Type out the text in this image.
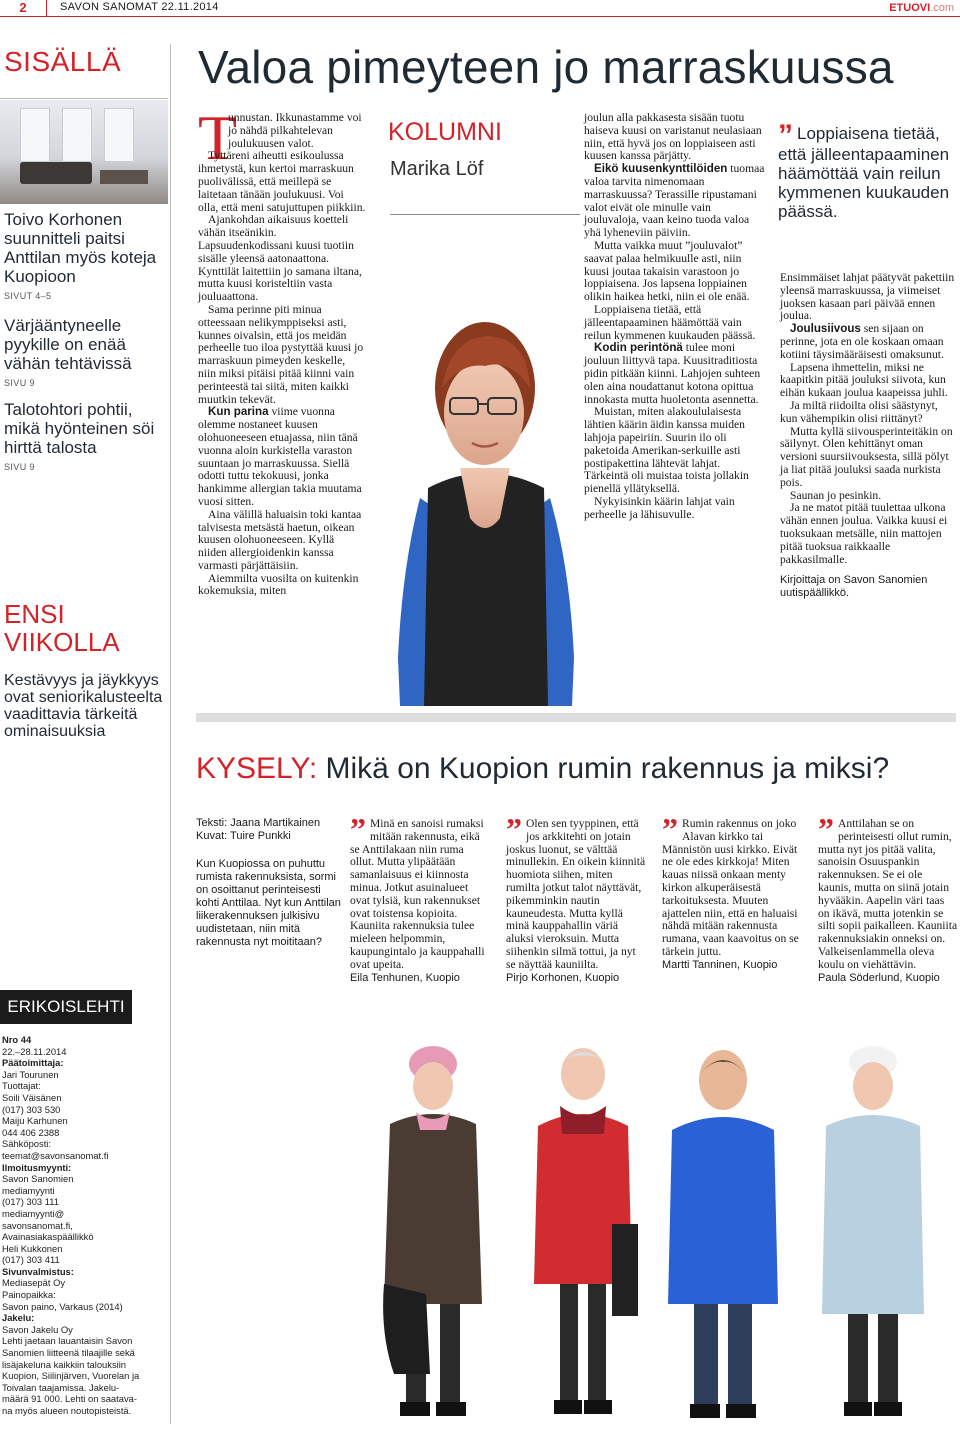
2	SAVON SANOMAT 22.11.2014	ETUOVI.com
SISÄLLÄ
Toivo Korhonen suunnitteli paitsi Anttilan myös koteja Kuopioon
SIVUT 4–5
Värjääntyneelle pyykille on enää vähän tehtävissä
SIVU 9
Talotohtori pohtii, mikä hyönteinen söi hirttä talosta
SIVU 9
ENSI
VIIKOLLA
Kestävyys ja jäykkyys ovat seniorikalusteelta vaadittavia tärkeitä ominaisuuksia
ERIKOISLEHTI
Nro 44
22.–28.11.2014
Päätoimittaja:
Jari Tourunen
Tuottajat:
Soili Väisänen
(017) 303 530
Maiju Karhunen
044 406 2388
Sähköposti:
teemat@savonsanomat.fi
Ilmoitusmyynti:
Savon Sanomien
mediamyynti
(017) 303 111
mediamyynti@
savonsanomat.fi,
Avainasiakaspäällikkö
Heli Kukkonen
(017) 303 411
Sivunvalmistus:
Mediasepät Oy
Painopaikka:
Savon paino, Varkaus (2014)
Jakelu:
Savon Jakelu Oy
Lehti jaetaan lauantaisin Savon
Sanomien liitteenä tilaajille sekä
lisäjakeluna kaikkiin talouksiin
Kuopion, Siilinjärven, Vuorelan ja
Toivalan taajamissa. Jakelu-
määrä 91 000. Lehti on saatava-
na myös alueen noutopisteistä.
Valoa pimeyteen jo marraskuussa
T

unnustan. Ikkunastamme voi jo nähdä pilkahtelevan joulukuusen valot.

Tyttäreni aiheutti esikoulussa ihmetystä, kun kertoi marraskuun puolivälissä, että meillepä se laitetaan tänään joulukuusi. Voi olla, että meni satujuttupen piikkiin.

Ajankohdan aikaisuus koetteli vähän itseänikin. Lapsuudenkodissani kuusi tuotiin sisälle yleensä aatonaattona. Kynttilät laitettiin jo samana iltana, mutta kuusi koristeltiin vasta jouluaattona.

Sama perinne piti minua otteessaan nelikymppiseksi asti, kunnes oivalsin, että jos meidän perheelle tuo iloa pystyttää kuusi jo marraskuun pimeyden keskelle, niin miksi pitäisi pitää kiinni vain perinteestä tai siitä, miten kaikki muutkin tekevät.

Kun parina viime vuonna olemme nostaneet kuusen olohuoneeseen etuajassa, niin tänä vuonna aloin kurkistella varaston suuntaan jo marraskuussa. Siellä odotti tuttu tekokuusi, jonka hankimme allergian takia muutama vuosi sitten.

Aina välillä haluaisin toki kantaa talvisesta metsästä haetun, oikean kuusen olohuoneeseen. Kyllä niiden allergioidenkin kanssa varmasti pärjättäisiin.

Aiemmilta vuosilta on kuitenkin kokemuksia, miten

KOLUMNI
Marika Löf

joulun alla pakkasesta sisään tuotu haiseva kuusi on varistanut neulasiaan niin, että hyvä jos on loppiaiseen asti kuusen kanssa pärjätty.

Eikö kuusenkynttilöiden tuomaa valoa tarvita nimenomaan marraskuussa? Terassille ripustamani valot eivät ole minulle vain jouluvaloja, vaan keino tuoda valoa yhä lyheneviin päiviin.

Mutta vaikka muut ”jouluvalot” saavat palaa helmikuulle asti, niin kuusi joutaa takaisin varastoon jo loppiaisena. Jos lapsena loppiainen olikin haikea hetki, niin ei ole enää.

Loppiaisena tietää, että jälleentapaaminen häämöttää vain reilun kymmenen kuukauden päässä.

Kodin perintönä tulee moni jouluun liittyvä tapa. Kuusitraditiosta pidin pitkään kiinni. Lahjojen suhteen olen aina noudattanut kotona opittua innokasta mutta huoletonta asennetta.

Muistan, miten alakoululaisesta lähtien käärin äidin kanssa muiden lahjoja papeiriin. Suurin ilo oli paketoida Amerikan-serkuille asti postipakettina lähtevät lahjat. Tärkeintä oli muistaa toista jollakin pienellä yllätyksellä.

Nykyisinkin käärin lahjat vain perheelle ja lähisuvulle.

” Loppiaisena tietää, että jälleentapaaminen häämöttää vain reilun kymmenen kuukauden päässä.

Ensimmäiset lahjat päätyvät pakettiin yleensä marraskuussa, ja viimeiset juoksen kasaan pari päivää ennen joulua.

Joulusiivous sen sijaan on perinne, jota en ole koskaan omaan kotiini täysimääräisesti omaksunut.

Lapsena ihmettelin, miksi ne kaapitkin pitää jouluksi siivota, kun eihän kukaan joulua kaapeissa juhli.

Ja miltä riidoilta olisi säästynyt, kun vähempikin olisi riittänyt?

Mutta kyllä siivousperinteitäkin on säilynyt. Olen kehittänyt oman versioni suursiivouksesta, sillä pölyt ja liat pitää jouluksi saada nurkista pois.

Saunan jo pesinkin.

Ja ne matot pitää tuulettaa ulkona vähän ennen joulua. Vaikka kuusi ei tuoksukaan metsälle, niin mattojen pitää tuoksua raikkaalle pakkasilmalle.

Kirjoittaja on Savon Sanomien uutispäällikkö.
KYSELY: Mikä on Kuopion rumin rakennus ja miksi?
Teksti: Jaana Martikainen
Kuvat: Tuire Punkki
Kun Kuopiossa on puhuttu rumista rakennuksista, sormi on osoittanut perinteisesti kohti Anttilaa. Nyt kun Anttilan liikerakennuksen julkisivu uudistetaan, niin mitä rakennusta nyt moititaan?
” Minä en sanoisi rumaksi mitään rakennusta, eikä se Anttilakaan niin ruma ollut. Mutta ylipäätään samanlaisuus ei kiinnosta minua. Jotkut asuinalueet ovat tylsiä, kun rakennukset ovat toistensa kopioita. Kauniita rakennuksia tulee mieleen helpommin, kaupungintalo ja kauppahalli ovat upeita.
Eila Tenhunen, Kuopio
” Olen sen tyyppinen, että jos arkkitehti on jotain joskus luonut, se välttää minullekin. En oikein kiinnitä huomiota siihen, miten rumilta jotkut talot näyttävät, pikemminkin nautin kauneudesta. Mutta kyllä minä kauppahallin väriä aluksi vieroksuin. Mutta siihenkin silmä tottui, ja nyt se näyttää kauniilta.
Pirjo Korhonen, Kuopio
” Rumin rakennus on joko Alavan kirkko tai Männistön uusi kirkko. Eivät ne ole edes kirkkoja! Miten kauas niissä onkaan menty kirkon alkuperäisestä tarkoituksesta. Muuten ajattelen niin, että en haluaisi nähdä mitään rakennusta rumana, vaan kaavoitus on se tärkein juttu.
Martti Tanninen, Kuopio
” Anttilahan se on perinteisesti ollut rumin, mutta nyt jos pitää valita, sanoisin Osuuspankin rakennuksen. Se ei ole kaunis, mutta on siinä jotain hyvääkin. Aapelin värі taas on ikävä, mutta jotenkin se silti sopii paikalleen. Kauniita rakennuksiakin onneksi on. Valkeisenlammella oleva koulu on viehättävin.
Paula Söderlund, Kuopio
